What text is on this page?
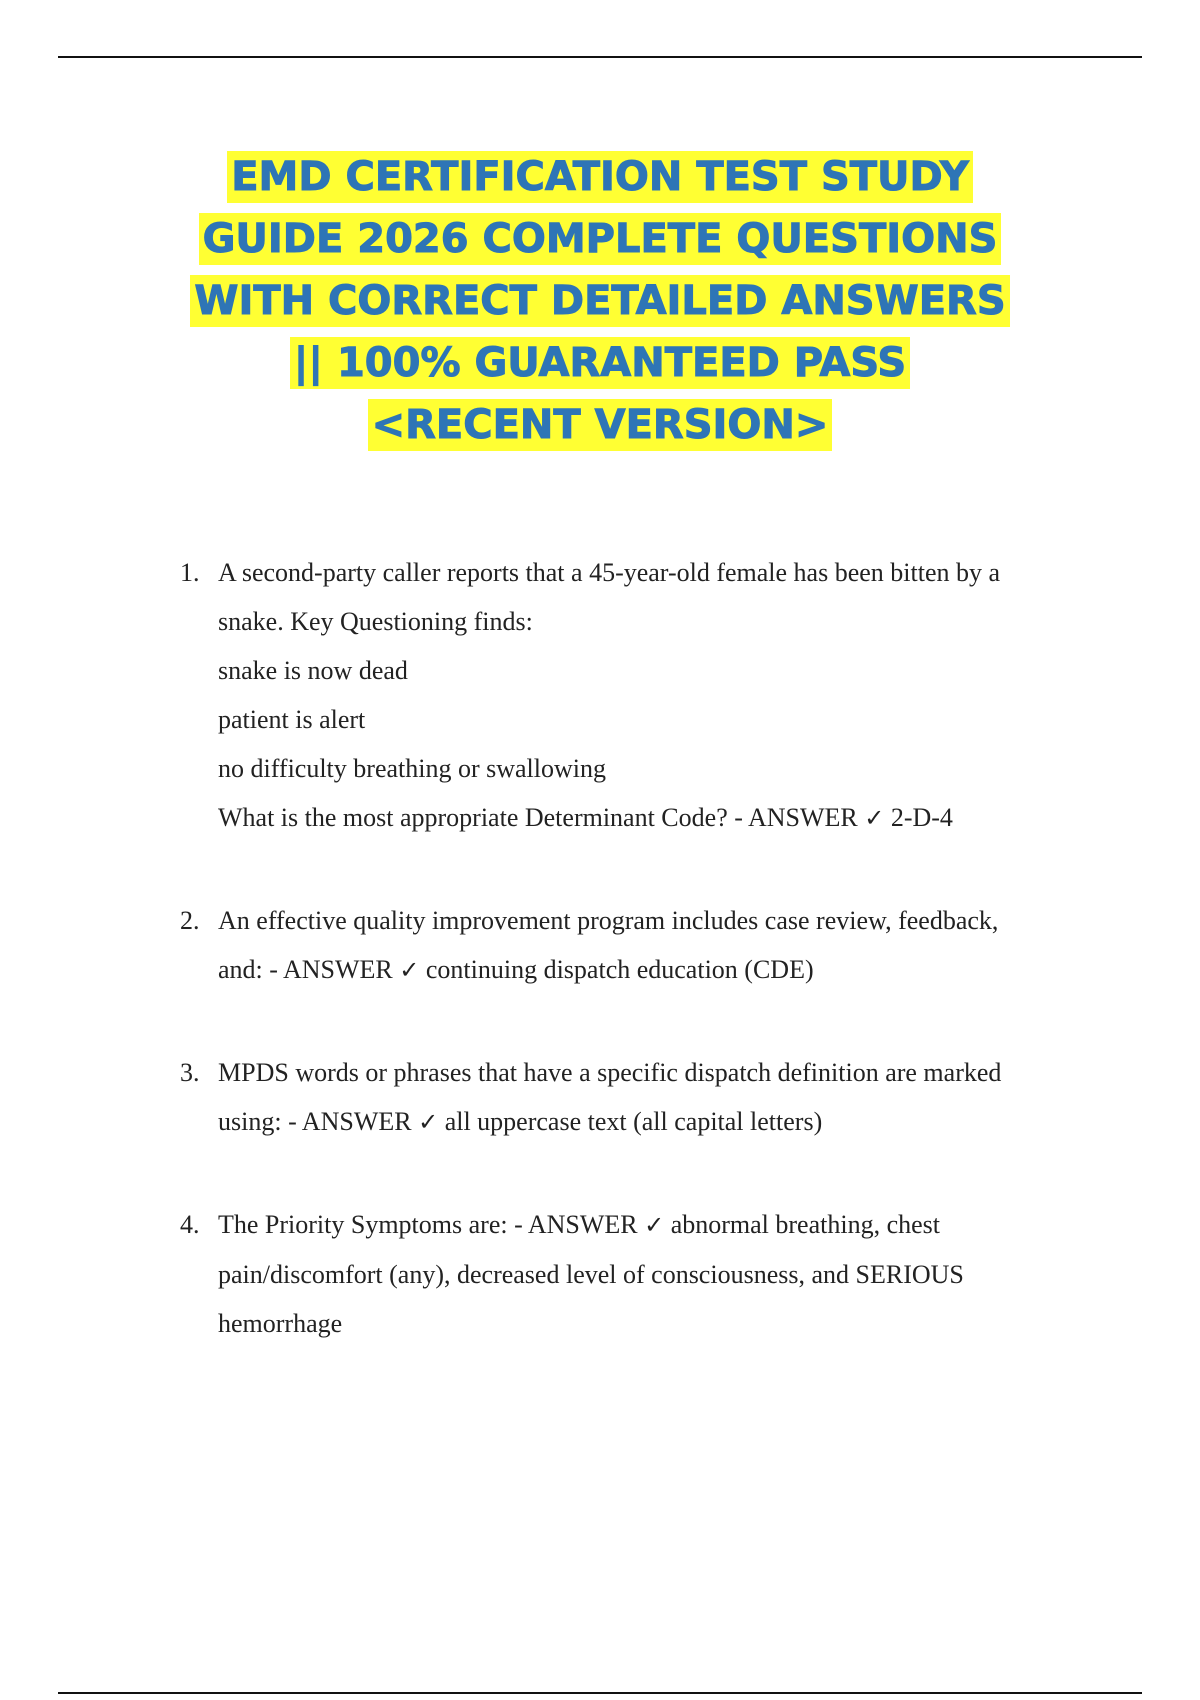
EMD CERTIFICATION TEST STUDY
GUIDE 2026 COMPLETE QUESTIONS
WITH CORRECT DETAILED ANSWERS
|| 100% GUARANTEED PASS
<RECENT VERSION>
1. A second-party caller reports that a 45-year-old female has been bitten by a
snake. Key Questioning finds:
snake is now dead
patient is alert
no difficulty breathing or swallowing
What is the most appropriate Determinant Code? - ANSWER ✓ 2-D-4
2. An effective quality improvement program includes case review, feedback,
and: - ANSWER ✓ continuing dispatch education (CDE)
3. MPDS words or phrases that have a specific dispatch definition are marked
using: - ANSWER ✓ all uppercase text (all capital letters)
4. The Priority Symptoms are: - ANSWER ✓ abnormal breathing, chest
pain/discomfort (any), decreased level of consciousness, and SERIOUS
hemorrhage
